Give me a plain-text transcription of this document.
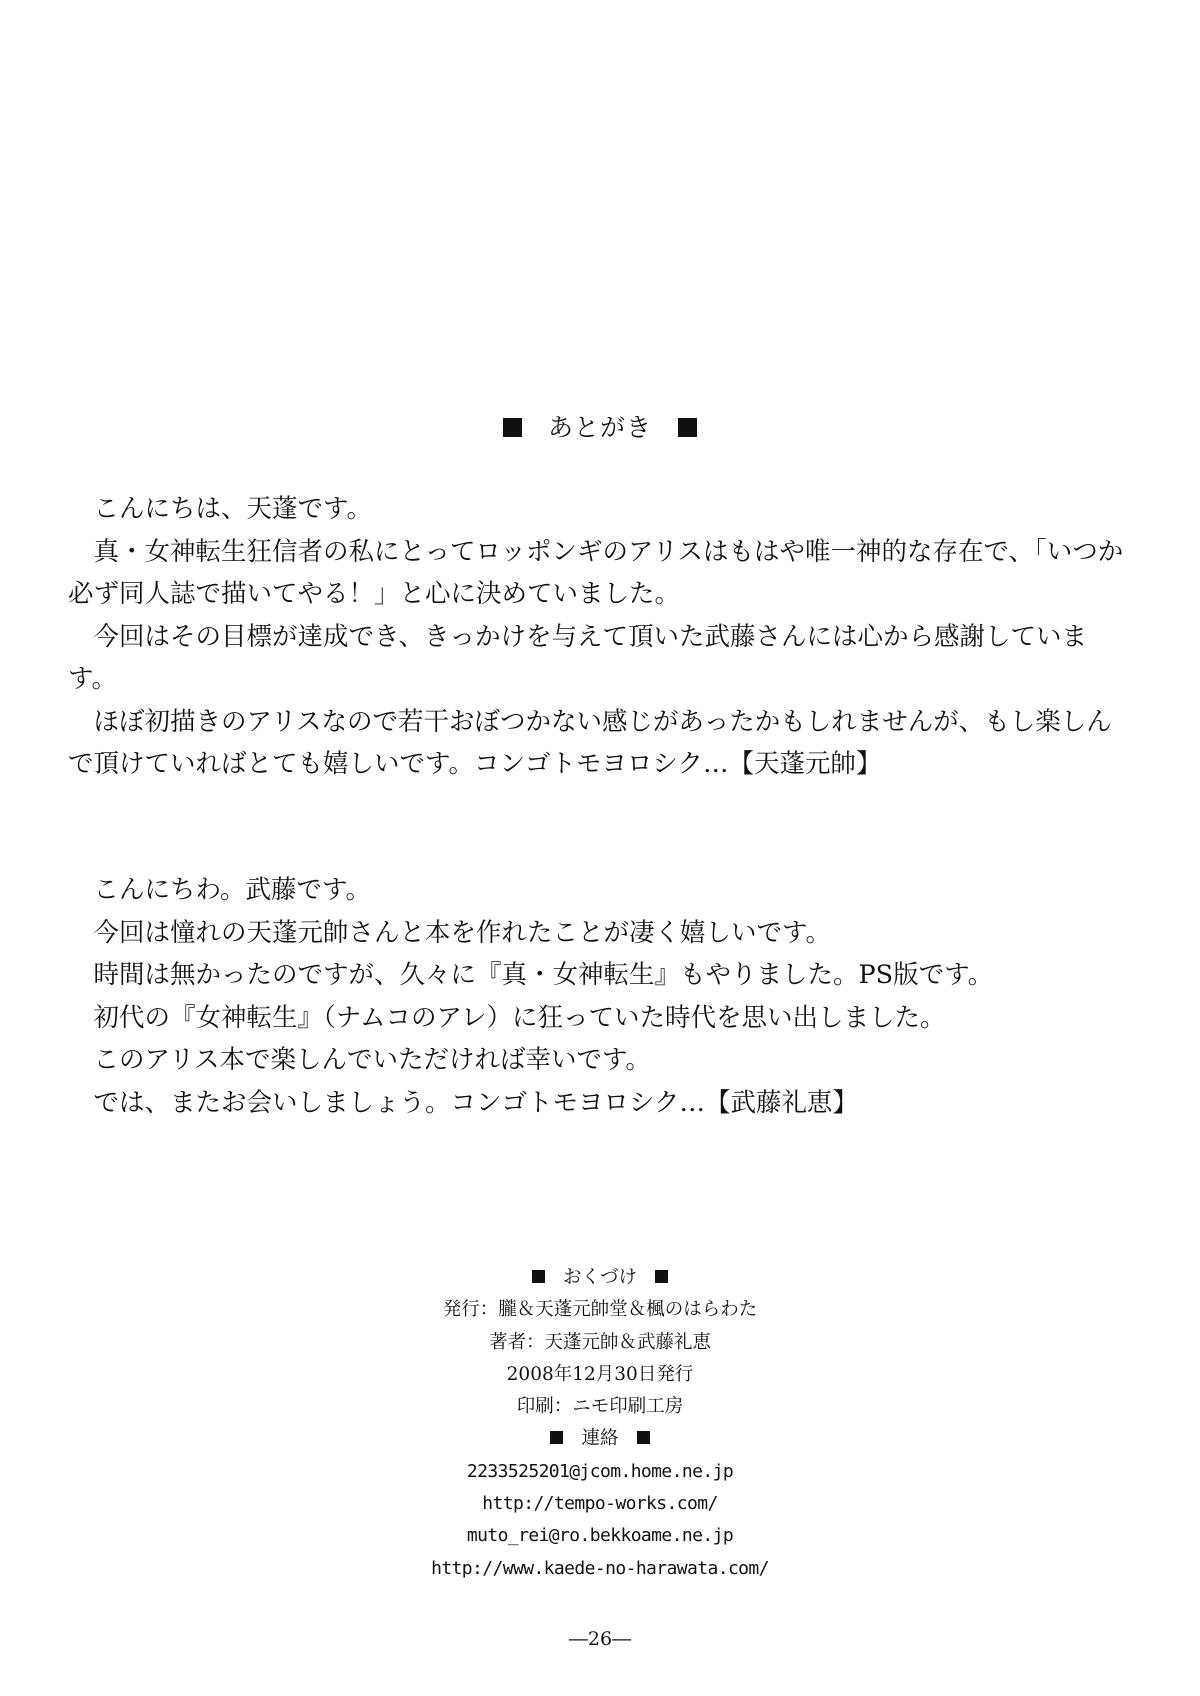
あとがき

こんにちは、天蓬です。

真・女神転生狂信者の私にとってロッポンギのアリスはもはや唯一神的な存在で、「いつか必ず同人誌で描いてやる！」と心に決めていました。

今回はその目標が達成でき、きっかけを与えて頂いた武藤さんには心から感謝しています。

ほぼ初描きのアリスなので若干おぼつかない感じがあったかもしれませんが、もし楽しんで頂けていればとても嬉しいです。コンゴトモヨロシク…【天蓬元帥】

こんにちわ。武藤です。

今回は憧れの天蓬元帥さんと本を作れたことが凄く嬉しいです。

時間は無かったのですが、久々に『真・女神転生』もやりました。PS版です。

初代の『女神転生』（ナムコのアレ）に狂っていた時代を思い出しました。

このアリス本で楽しんでいただければ幸いです。

では、またお会いしましょう。コンゴトモヨロシク…【武藤礼恵】

おくづけ
発行：朧＆天蓬元帥堂＆楓のはらわた
著者：天蓬元帥＆武藤礼恵
2008年12月30日発行
印刷：ニモ印刷工房
連絡
2233525201@jcom.home.ne.jp
http://tempo-works.com/
muto_rei@ro.bekkoame.ne.jp
http://www.kaede-no-harawata.com/
―26―
